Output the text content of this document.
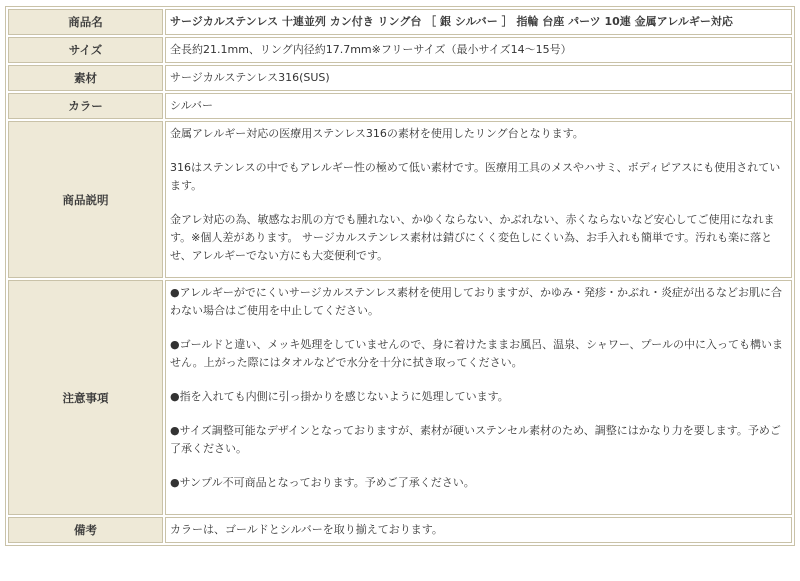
商品名	サージカルステンレス 十連並列 カン付き リング台 ［ 銀 シルバー ］ 指輪 台座 パーツ 10連 金属アレルギー対応
サイズ	全長約21.1mm、リング内径約17.7mm※フリーサイズ（最小サイズ14～15号）
素材	サージカルステンレス316(SUS)
カラー	シルバー
商品説明	金属アレルギー対応の医療用ステンレス316の素材を使用したリング台となります。

316はステンレスの中でもアレルギー性の極めて低い素材です。医療用工具のメスやハサミ、ボディピアスにも使用されています。

金アレ対応の為、敏感なお肌の方でも腫れない、かゆくならない、かぶれない、赤くならないなど安心してご使用になれます。※個人差があります。 サージカルステンレス素材は錆びにくく変色しにくい為、お手入れも簡単です。汚れも楽に落とせ、アレルギーでない方にも大変便利です。

注意事項	●アレルギーがでにくいサージカルステンレス素材を使用しておりますが、かゆみ・発疹・かぶれ・炎症が出るなどお肌に合わない場合はご使用を中止してください。

●ゴールドと違い、メッキ処理をしていませんので、身に着けたままお風呂、温泉、シャワー、プールの中に入っても構いません。上がった際にはタオルなどで水分を十分に拭き取ってください。

●指を入れても内側に引っ掛かりを感じないように処理しています。

●サイズ調整可能なデザインとなっておりますが、素材が硬いステンセル素材のため、調整にはかなり力を要します。予めご了承ください。

●サンプル不可商品となっております。予めご了承ください。

備考	カラーは、ゴールドとシルバーを取り揃えております。
